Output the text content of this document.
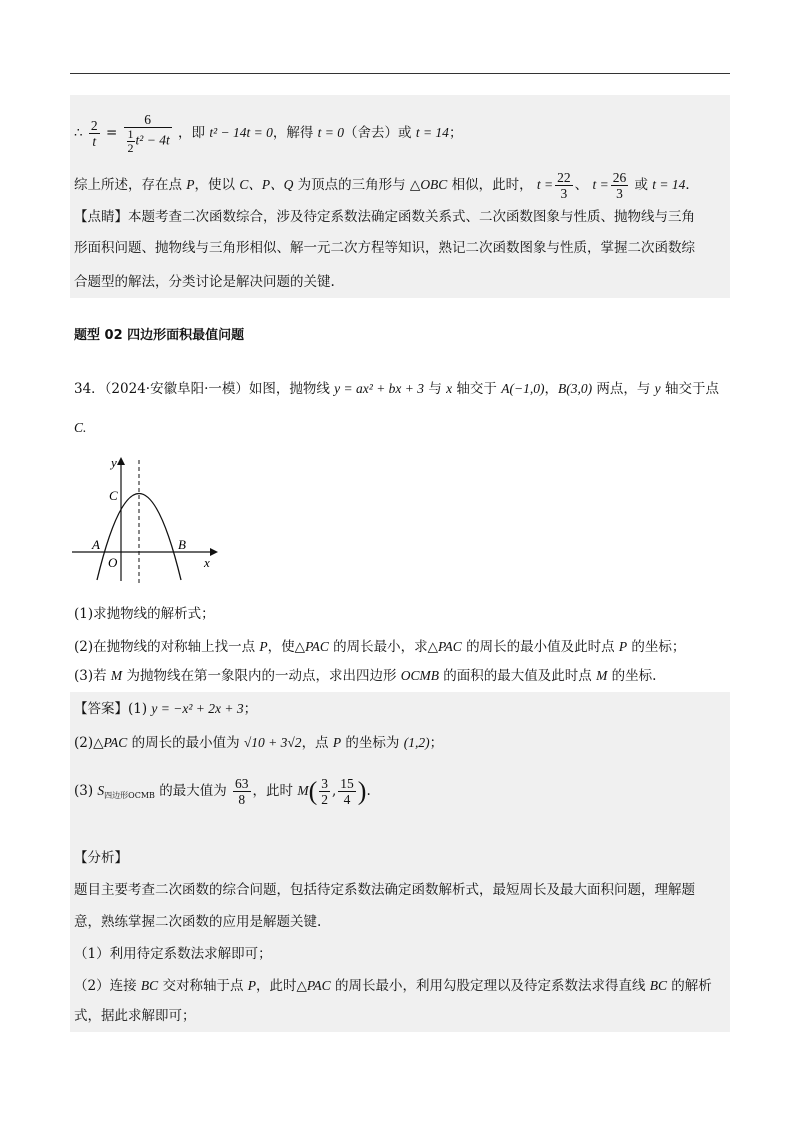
∴ $\frac{2}{t} = \frac{6}{\frac{1}{2} t^2 - 4t}$ ，即 t² − 14t = 0，解得 t = 0（舍去）或 t = 14；
综上所述，存在点 P，使以 C、P、Q 为顶点的三角形与 △OBC 相似，此时， $t = \frac{22}{3}$ 、 $t = \frac{26}{3}$ 或 t = 14．
【点睛】本题考查二次函数综合，涉及待定系数法确定函数关系式、二次函数图象与性质、抛物线与三角
形面积问题、抛物线与三角形相似、解一元二次方程等知识，熟记二次函数图象与性质，掌握二次函数综
合题型的解法，分类讨论是解决问题的关键.
题型 02 四边形面积最值问题
34．（2024·安徽阜阳·一模）如图，抛物线 y = ax² + bx + 3 与 x 轴交于 A(−1,0)，B(3,0) 两点，与 y 轴交于点
C.
y
x
C
A
O
B
(1)求抛物线的解析式；
(2)在抛物线的对称轴上找一点 P，使△PAC 的周长最小，求△PAC 的周长的最小值及此时点 P 的坐标；
(3)若 M 为抛物线在第一象限内的一动点，求出四边形 OCMB 的面积的最大值及此时点 M 的坐标.
【答案】(1) y = −x² + 2x + 3；
(2)△PAC 的周长的最小值为 √10 + 3√2，点 P 的坐标为 (1,2)；
(3) $S_{四边形OCMB}$ 的最大值为 $\frac{63}{8}$ ，此时 $M( \frac{3}{2}$ , $\frac{15}{4}$ ).
【分析】
题目主要考查二次函数的综合问题，包括待定系数法确定函数解析式，最短周长及最大面积问题，理解题
意，熟练掌握二次函数的应用是解题关键.
（1）利用待定系数法求解即可；
（2）连接 BC 交对称轴于点 P，此时△PAC 的周长最小，利用勾股定理以及待定系数法求得直线 BC 的解析
式，据此求解即可；
